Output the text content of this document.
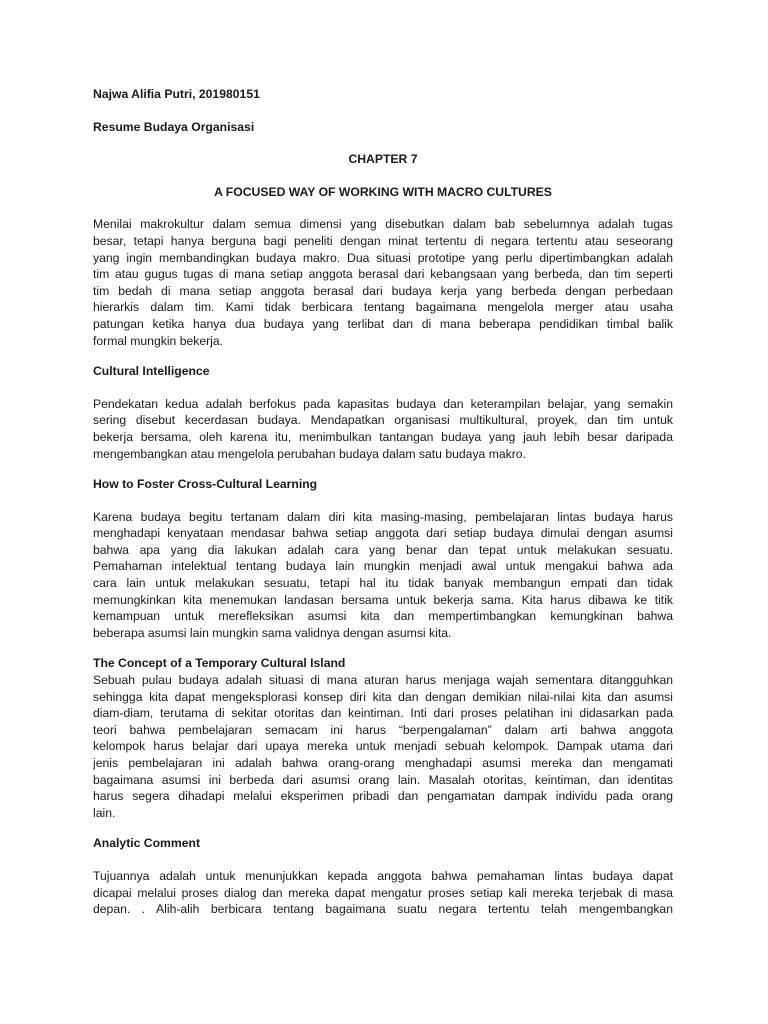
Najwa Alifia Putri, 201980151
Resume Budaya Organisasi
CHAPTER 7
A FOCUSED WAY OF WORKING WITH MACRO CULTURES
Menilai makrokultur dalam semua dimensi yang disebutkan dalam bab sebelumnya adalah tugas
besar, tetapi hanya berguna bagi peneliti dengan minat tertentu di negara tertentu atau seseorang
yang ingin membandingkan budaya makro. Dua situasi prototipe yang perlu dipertimbangkan adalah
tim atau gugus tugas di mana setiap anggota berasal dari kebangsaan yang berbeda, dan tim seperti
tim bedah di mana setiap anggota berasal dari budaya kerja yang berbeda dengan perbedaan
hierarkis dalam tim. Kami tidak berbicara tentang bagaimana mengelola merger atau usaha
patungan ketika hanya dua budaya yang terlibat dan di mana beberapa pendidikan timbal balik
formal mungkin bekerja.
Cultural Intelligence
Pendekatan kedua adalah berfokus pada kapasitas budaya dan keterampilan belajar, yang semakin
sering disebut kecerdasan budaya. Mendapatkan organisasi multikultural, proyek, dan tim untuk
bekerja bersama, oleh karena itu, menimbulkan tantangan budaya yang jauh lebih besar daripada
mengembangkan atau mengelola perubahan budaya dalam satu budaya makro.
How to Foster Cross-Cultural Learning
Karena budaya begitu tertanam dalam diri kita masing-masing, pembelajaran lintas budaya harus
menghadapi kenyataan mendasar bahwa setiap anggota dari setiap budaya dimulai dengan asumsi
bahwa apa yang dia lakukan adalah cara yang benar dan tepat untuk melakukan sesuatu.
Pemahaman intelektual tentang budaya lain mungkin menjadi awal untuk mengakui bahwa ada
cara lain untuk melakukan sesuatu, tetapi hal itu tidak banyak membangun empati dan tidak
memungkinkan kita menemukan landasan bersama untuk bekerja sama. Kita harus dibawa ke titik
kemampuan untuk merefleksikan asumsi kita dan mempertimbangkan kemungkinan bahwa
beberapa asumsi lain mungkin sama validnya dengan asumsi kita.
The Concept of a Temporary Cultural Island
Sebuah pulau budaya adalah situasi di mana aturan harus menjaga wajah sementara ditangguhkan
sehingga kita dapat mengeksplorasi konsep diri kita dan dengan demikian nilai-nilai kita dan asumsi
diam-diam, terutama di sekitar otoritas dan keintiman. Inti dari proses pelatihan ini didasarkan pada
teori bahwa pembelajaran semacam ini harus “berpengalaman” dalam arti bahwa anggota
kelompok harus belajar dari upaya mereka untuk menjadi sebuah kelompok. Dampak utama dari
jenis pembelajaran ini adalah bahwa orang-orang menghadapi asumsi mereka dan mengamati
bagaimana asumsi ini berbeda dari asumsi orang lain. Masalah otoritas, keintiman, dan identitas
harus segera dihadapi melalui eksperimen pribadi dan pengamatan dampak individu pada orang
lain.
Analytic Comment
Tujuannya adalah untuk menunjukkan kepada anggota bahwa pemahaman lintas budaya dapat
dicapai melalui proses dialog dan mereka dapat mengatur proses setiap kali mereka terjebak di masa
depan. . Alih-alih berbicara tentang bagaimana suatu negara tertentu telah mengembangkan
